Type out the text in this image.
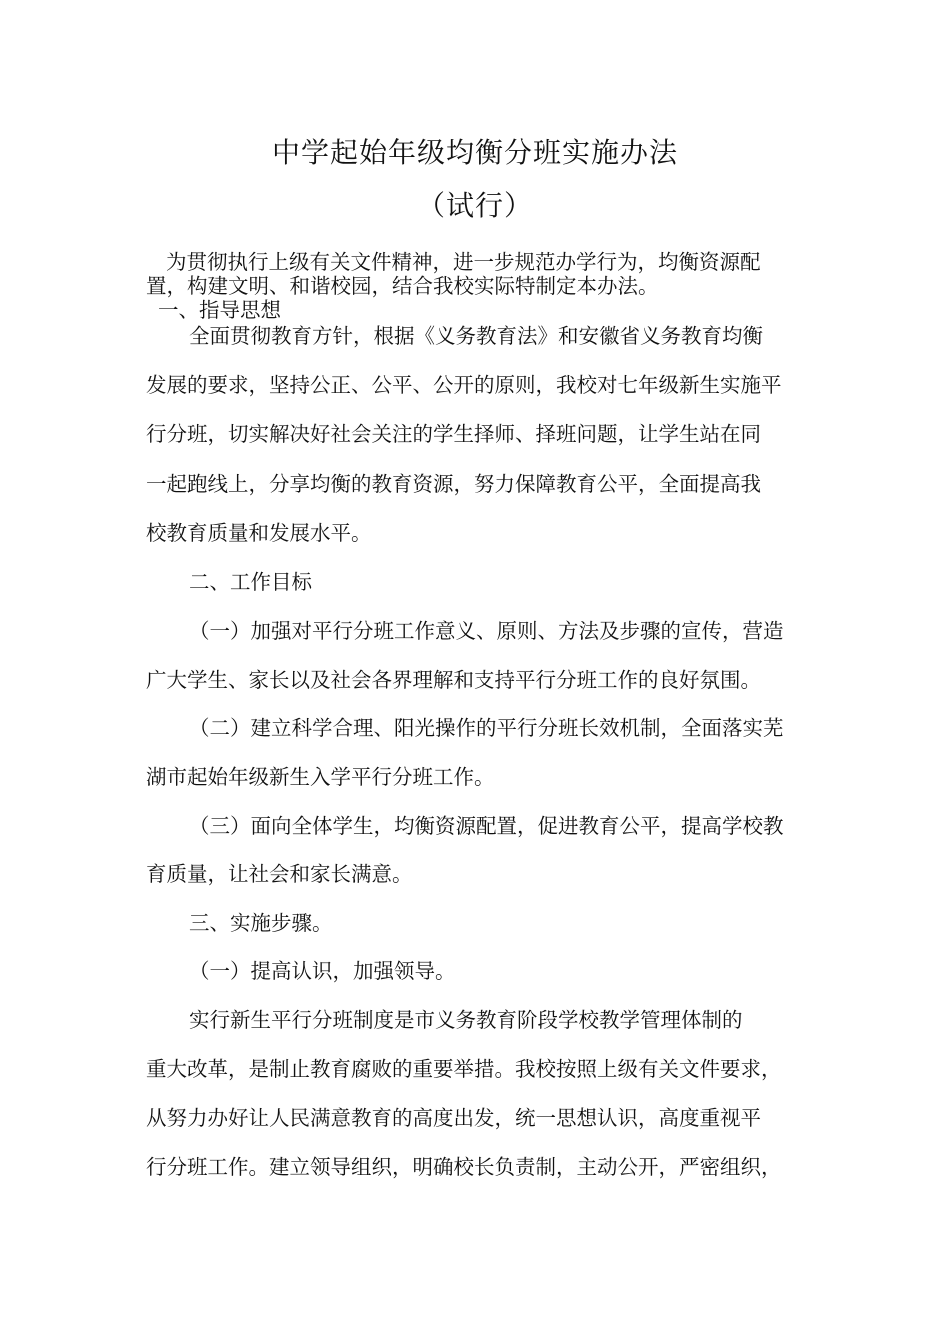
中学起始年级均衡分班实施办法
（试行）
为贯彻执行上级有关文件精神，进一步规范办学行为，均衡资源配
置，构建文明、和谐校园，结合我校实际特制定本办法。
一、指导思想
全面贯彻教育方针，根据《义务教育法》和安徽省义务教育均衡
发展的要求，坚持公正、公平、公开的原则，我校对七年级新生实施平
行分班，切实解决好社会关注的学生择师、择班问题，让学生站在同
一起跑线上，分享均衡的教育资源，努力保障教育公平，全面提高我
校教育质量和发展水平。
二、工作目标
（一）加强对平行分班工作意义、原则、方法及步骤的宣传，营造
广大学生、家长以及社会各界理解和支持平行分班工作的良好氛围。
（二）建立科学合理、阳光操作的平行分班长效机制，全面落实芜
湖市起始年级新生入学平行分班工作。
（三）面向全体学生，均衡资源配置，促进教育公平，提高学校教
育质量，让社会和家长满意。
三、实施步骤。
（一）提高认识，加强领导。
实行新生平行分班制度是市义务教育阶段学校教学管理体制的
重大改革，是制止教育腐败的重要举措。我校按照上级有关文件要求，
从努力办好让人民满意教育的高度出发，统一思想认识，高度重视平
行分班工作。建立领导组织，明确校长负责制，主动公开，严密组织，
